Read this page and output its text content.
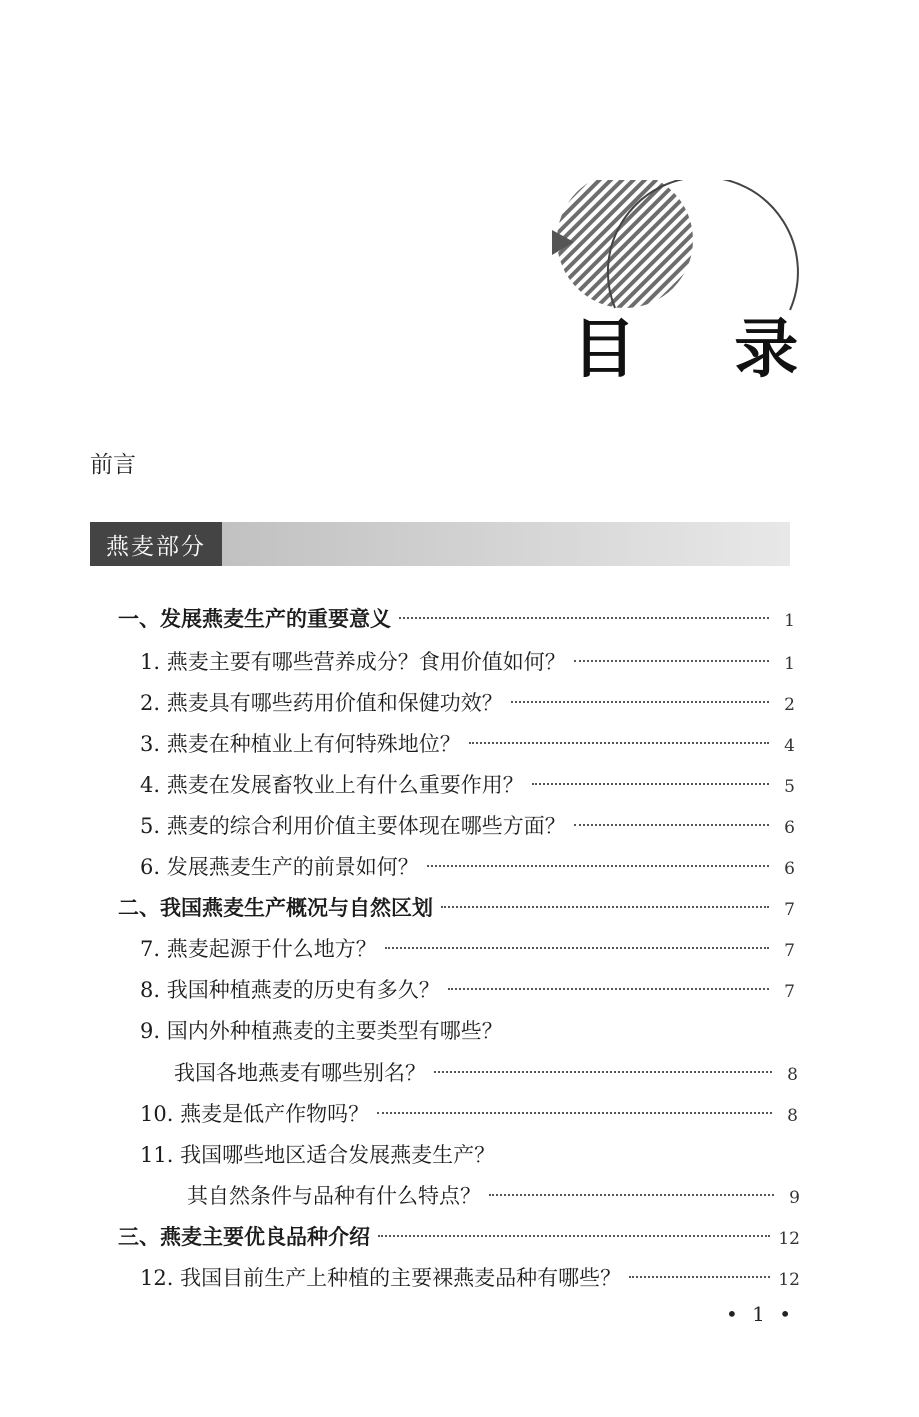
目 录
前言
燕麦部分
一、发展燕麦生产的重要意义	1
1. 燕麦主要有哪些营养成分？食用价值如何？	1
2. 燕麦具有哪些药用价值和保健功效？	2
3. 燕麦在种植业上有何特殊地位？	4
4. 燕麦在发展畜牧业上有什么重要作用？	5
5. 燕麦的综合利用价值主要体现在哪些方面？	6
6. 发展燕麦生产的前景如何？	6
二、我国燕麦生产概况与自然区划	7
7. 燕麦起源于什么地方？	7
8. 我国种植燕麦的历史有多久？	7
9. 国内外种植燕麦的主要类型有哪些？
我国各地燕麦有哪些别名？	8
10. 燕麦是低产作物吗？	8
11. 我国哪些地区适合发展燕麦生产？
其自然条件与品种有什么特点？	9
三、燕麦主要优良品种介绍	12
12. 我国目前生产上种植的主要裸燕麦品种有哪些？	12
• 1 •
